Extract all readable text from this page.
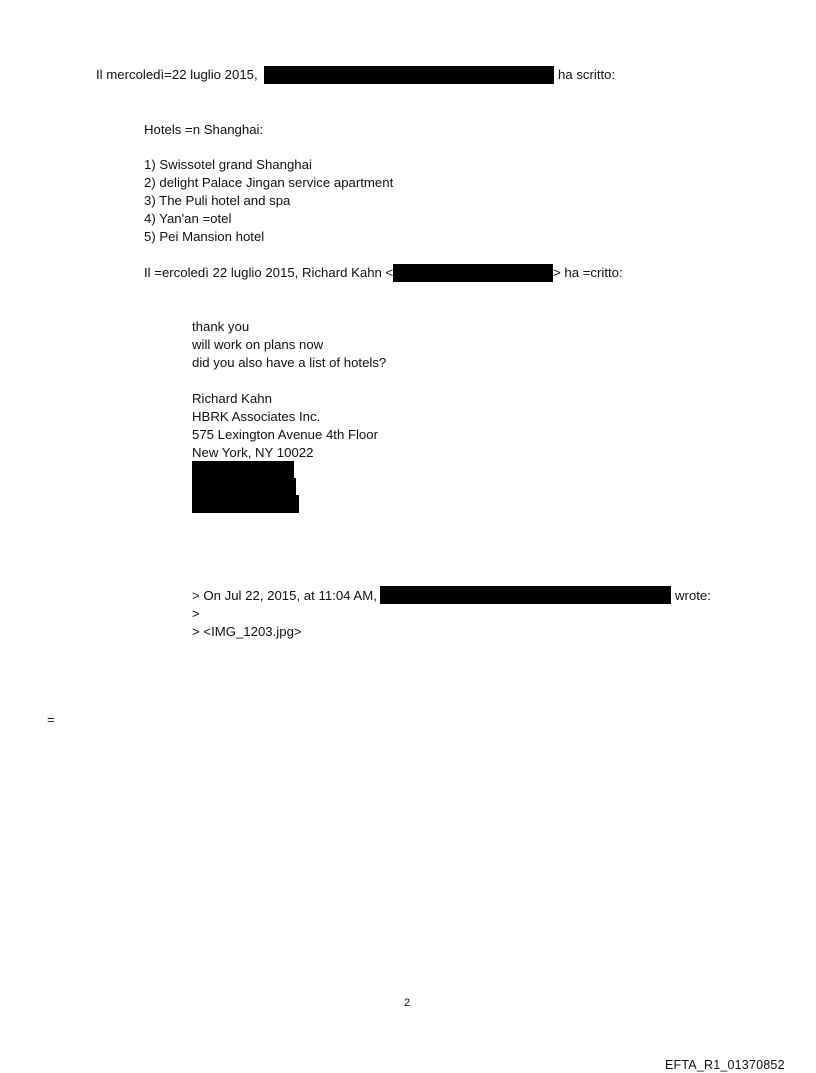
Il mercoledì=22 luglio 2015,	ha scritto:
Hotels =n Shanghai:
1) Swissotel grand Shanghai
2) delight Palace Jingan service apartment
3) The Puli hotel and spa
4) Yan'an =otel
5) Pei Mansion hotel
Il =ercoledì 22 luglio 2015, Richard Kahn <	> ha =critto:
thank you
will work on plans now
did you also have a list of hotels?
Richard Kahn
HBRK Associates Inc.
575 Lexington Avenue 4th Floor
New York, NY 10022
> On Jul 22, 2015, at 11:04 AM,	wrote:
>
> <IMG_1203.jpg>
=
2
EFTA_R1_01370852
